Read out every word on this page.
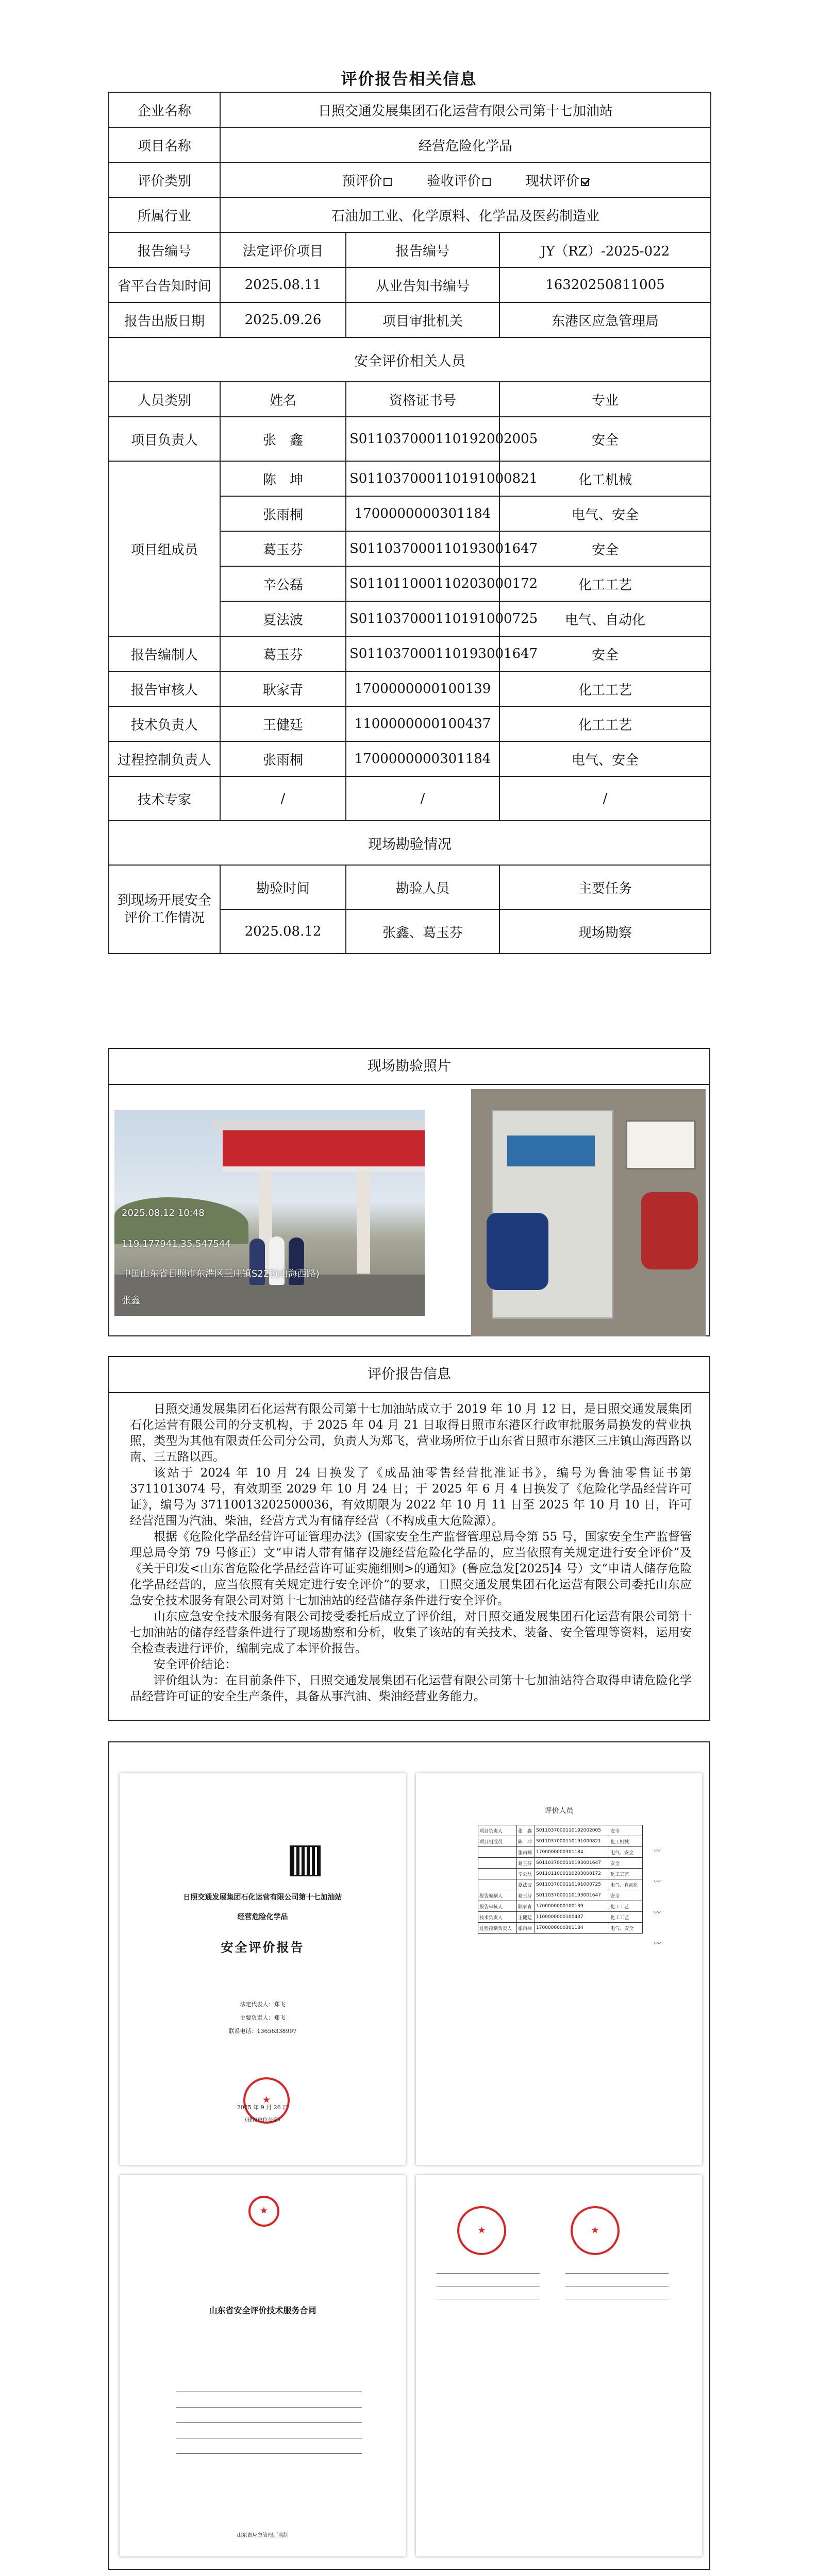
评价报告相关信息
企业名称	日照交通发展集团石化运营有限公司第十七加油站		
项目名称	经营危险化学品		
评价类别	预评价 验收评价 现状评价		
所属行业	石油加工业、化学原料、化学品及医药制造业		
报告编号	法定评价项目	报告编号	JY（RZ）-2025-022
省平台告知时间	2025.08.11	从业告知书编号	16320250811005
报告出版日期	2025.09.26	项目审批机关	东港区应急管理局
安全评价相关人员			
人员类别	姓名	资格证书号	专业
项目负责人	张　鑫	S011037000110192002005	安全
项目组成员	陈　坤	S011037000110191000821	化工机械
	张雨桐	1700000000301184	电气、安全
	葛玉芬	S011037000110193001647	安全
	辛公磊	S011011000110203000172	化工工艺
	夏法波	S011037000110191000725	电气、自动化
报告编制人	葛玉芬	S011037000110193001647	安全
报告审核人	耿家青	1700000000100139	化工工艺
技术负责人	王健廷	1100000000100437	化工工艺
过程控制负责人	张雨桐	1700000000301184	电气、安全
技术专家	/	/	/
现场勘验情况			
到现场开展安全评价工作情况	勘验时间	勘验人员	主要任务
	2025.08.12	张鑫、葛玉芬	现场勘察
现场勘验照片
2025.08.12 10:48
119.177941,35.547544
中国山东省日照市东港区三庄镇S222(山海西路)
张鑫
评价报告信息

日照交通发展集团石化运营有限公司第十七加油站成立于 2019 年 10 月 12 日，是日照交通发展集团石化运营有限公司的分支机构，于 2025 年 04 月 21 日取得日照市东港区行政审批服务局换发的营业执照，类型为其他有限责任公司分公司，负责人为郑飞，营业场所位于山东省日照市东港区三庄镇山海西路以南、三五路以西。

该站于 2024 年 10 月 24 日换发了《成品油零售经营批准证书》，编号为鲁油零售证书第3711013074 号，有效期至 2029 年 10 月 24 日；于 2025 年 6 月 4 日换发了《危险化学品经营许可证》，编号为 37110013202500036，有效期限为 2022 年 10 月 11 日至 2025 年 10 月 10 日，许可经营范围为汽油、柴油，经营方式为有储存经营（不构成重大危险源）。

根据《危险化学品经营许可证管理办法》(国家安全生产监督管理总局令第 55 号，国家安全生产监督管理总局令第 79 号修正）文“申请人带有储存设施经营危险化学品的，应当依照有关规定进行安全评价”及《关于印发<山东省危险化学品经营许可证实施细则>的通知》(鲁应急发[2025]4 号）文“申请人储存危险化学品经营的，应当依照有关规定进行安全评价”的要求，日照交通发展集团石化运营有限公司委托山东应急安全技术服务有限公司对第十七加油站的经营储存条件进行安全评价。

山东应急安全技术服务有限公司接受委托后成立了评价组，对日照交通发展集团石化运营有限公司第十七加油站的储存经营条件进行了现场勘察和分析，收集了该站的有关技术、装备、安全管理等资料，运用安全检查表进行评价，编制完成了本评价报告。

安全评价结论：

评价组认为：在目前条件下，日照交通发展集团石化运营有限公司第十七加油站符合取得申请危险化学品经营许可证的安全生产条件，具备从事汽油、柴油经营业务能力。

日照交通发展集团石化运营有限公司第十七加油站
经营危险化学品
安全评价报告
法定代表人：郑飞
主要负责人：郑飞
联系电话：13656338997
★
2025 年 9 月 26 日
（建设单位公章）
评价人员
项目负责人	张　鑫	S011037000110192002005	安全
项目组成员	陈　坤	S011037000110191000821	化工机械
	张雨桐	1700000000301184	电气、安全
	葛玉芬	S011037000110193001647	安全
	辛公磊	S011011000110203000172	化工工艺
	夏法波	S011037000110191000725	电气、自动化
报告编制人	葛玉芬	S011037000110193001647	安全
报告审核人	耿家青	1700000000100139	化工工艺
技术负责人	王健廷	1100000000100437	化工工艺
过程控制负责人	张雨桐	1700000000301184	电气、安全
〰
〰
〰
〰
★
山东省安全评价技术服务合同
山东省应急管理厅监制
★
★
